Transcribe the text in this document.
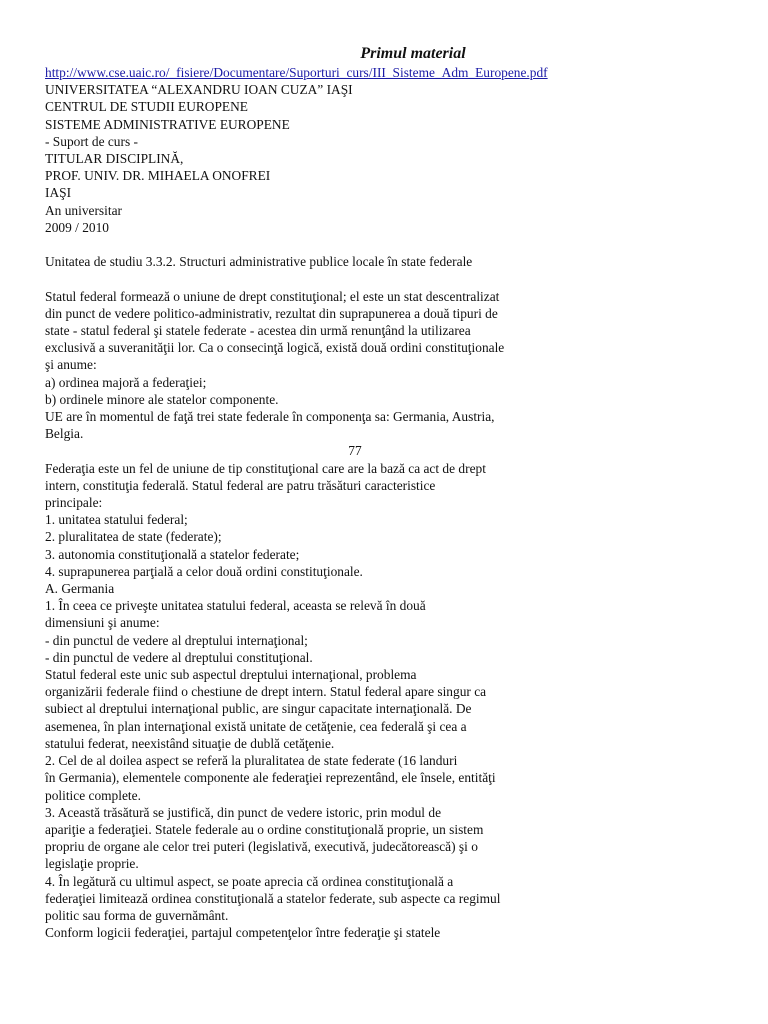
Primul material
http://www.cse.uaic.ro/_fisiere/Documentare/Suporturi_curs/III_Sisteme_Adm_Europene.pdf
UNIVERSITATEA “ALEXANDRU IOAN CUZA” IAŞI
CENTRUL DE STUDII EUROPENE
SISTEME ADMINISTRATIVE EUROPENE
- Suport de curs -
TITULAR DISCIPLINĂ,
PROF. UNIV. DR. MIHAELA ONOFREI
IAŞI
An universitar
2009 / 2010
Unitatea de studiu 3.3.2. Structuri administrative publice locale în state federale
Statul federal formează o uniune de drept constituţional; el este un stat descentralizat
din punct de vedere politico-administrativ, rezultat din suprapunerea a două tipuri de
state - statul federal şi statele federate - acestea din urmă renunţând la utilizarea
exclusivă a suveranităţii lor. Ca o consecinţă logică, există două ordini constituţionale
şi anume:
a) ordinea majoră a federaţiei;
b) ordinele minore ale statelor componente.
UE are în momentul de faţă trei state federale în componenţa sa: Germania, Austria,
Belgia.
77
Federaţia este un fel de uniune de tip constituţional care are la bază ca act de drept
intern, constituţia federală. Statul federal are patru trăsături caracteristice
principale:
1. unitatea statului federal;
2. pluralitatea de state (federate);
3. autonomia constituţională a statelor federate;
4. suprapunerea parţială a celor două ordini constituţionale.
A. Germania
1. În ceea ce priveşte unitatea statului federal, aceasta se relevă în două
dimensiuni şi anume:
- din punctul de vedere al dreptului internaţional;
- din punctul de vedere al dreptului constituţional.
Statul federal este unic sub aspectul dreptului internaţional, problema
organizării federale fiind o chestiune de drept intern. Statul federal apare singur ca
subiect al dreptului internaţional public, are singur capacitate internaţională. De
asemenea, în plan internaţional există unitate de cetăţenie, cea federală şi cea a
statului federat, neexistând situaţie de dublă cetăţenie.
2. Cel de al doilea aspect se referă la pluralitatea de state federate (16 landuri
în Germania), elementele componente ale federaţiei reprezentând, ele însele, entităţi
politice complete.
3. Această trăsătură se justifică, din punct de vedere istoric, prin modul de
apariţie a federaţiei. Statele federale au o ordine constituţională proprie, un sistem
propriu de organe ale celor trei puteri (legislativă, executivă, judecătorească) şi o
legislaţie proprie.
4. În legătură cu ultimul aspect, se poate aprecia că ordinea constituţională a
federaţiei limitează ordinea constituţională a statelor federate, sub aspecte ca regimul
politic sau forma de guvernământ.
Conform logicii federaţiei, partajul competenţelor între federaţie şi statele
